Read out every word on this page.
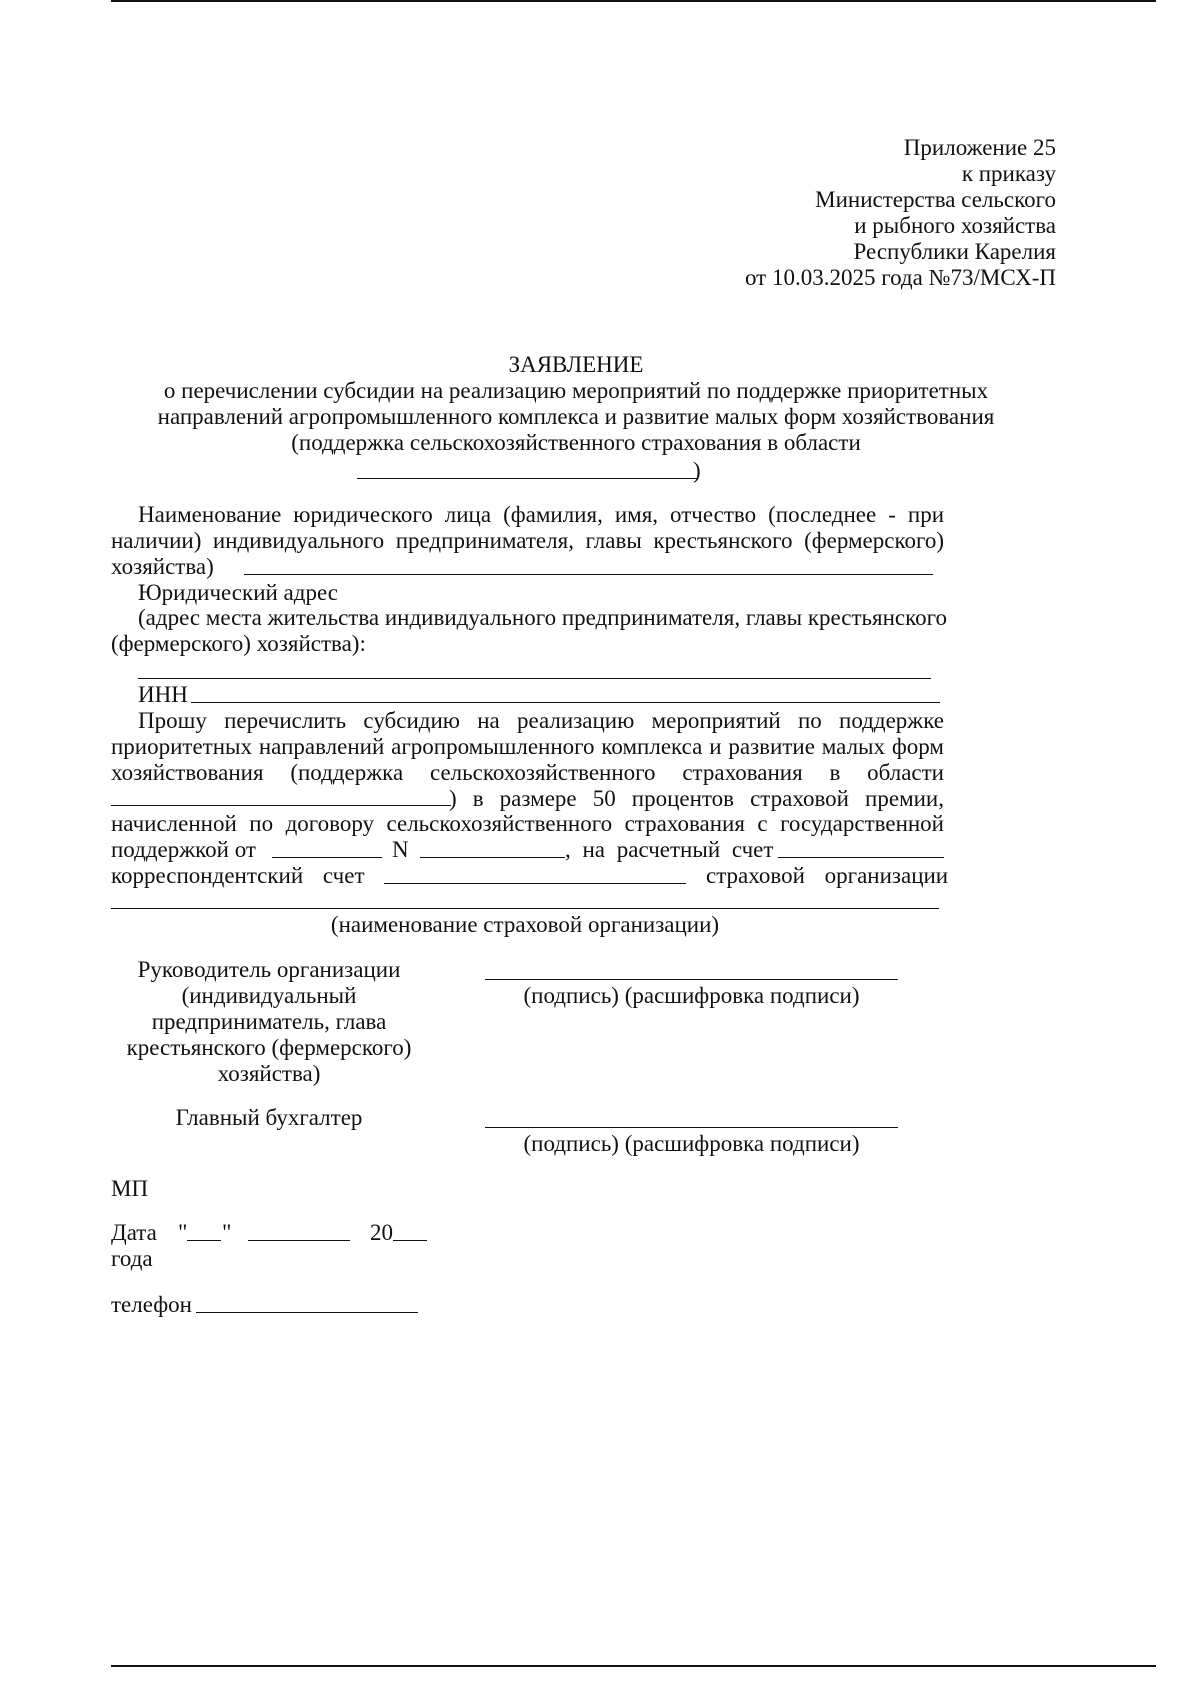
Приложение 25
к приказу
Министерства сельского
и рыбного хозяйства
Республики Карелия
от 10.03.2025 года №73/МСХ-П
ЗАЯВЛЕНИЕ
о перечислении субсидии на реализацию мероприятий по поддержке приоритетных
направлений агропромышленного комплекса и развитие малых форм хозяйствования
(поддержка сельскохозяйственного страхования в области
)
Наименование юридического лица (фамилия, имя, отчество (последнее - при
наличии) индивидуального предпринимателя, главы крестьянского (фермерского)
хозяйства)
Юридический адрес
(адрес места жительства индивидуального предпринимателя, главы крестьянского
(фермерского) хозяйства):
ИНН
Прошу перечислить субсидию на реализацию мероприятий по поддержке
приоритетных направлений агропромышленного комплекса и развитие малых форм
хозяйствования (поддержка сельскохозяйственного страхования в области
) в размере 50 процентов страховой премии,
начисленной по договору сельскохозяйственного страхования с государственной
поддержкой от	N	, на расчетный счет
корреспондентский счет	страховой организации
(наименование страховой организации)
Руководитель организации
(индивидуальный
предприниматель, глава
крестьянского (фермерского)
хозяйства)
(подпись) (расшифровка подписи)
Главный бухгалтер
(подпись) (расшифровка подписи)
МП
Дата " "	20
года
телефон
